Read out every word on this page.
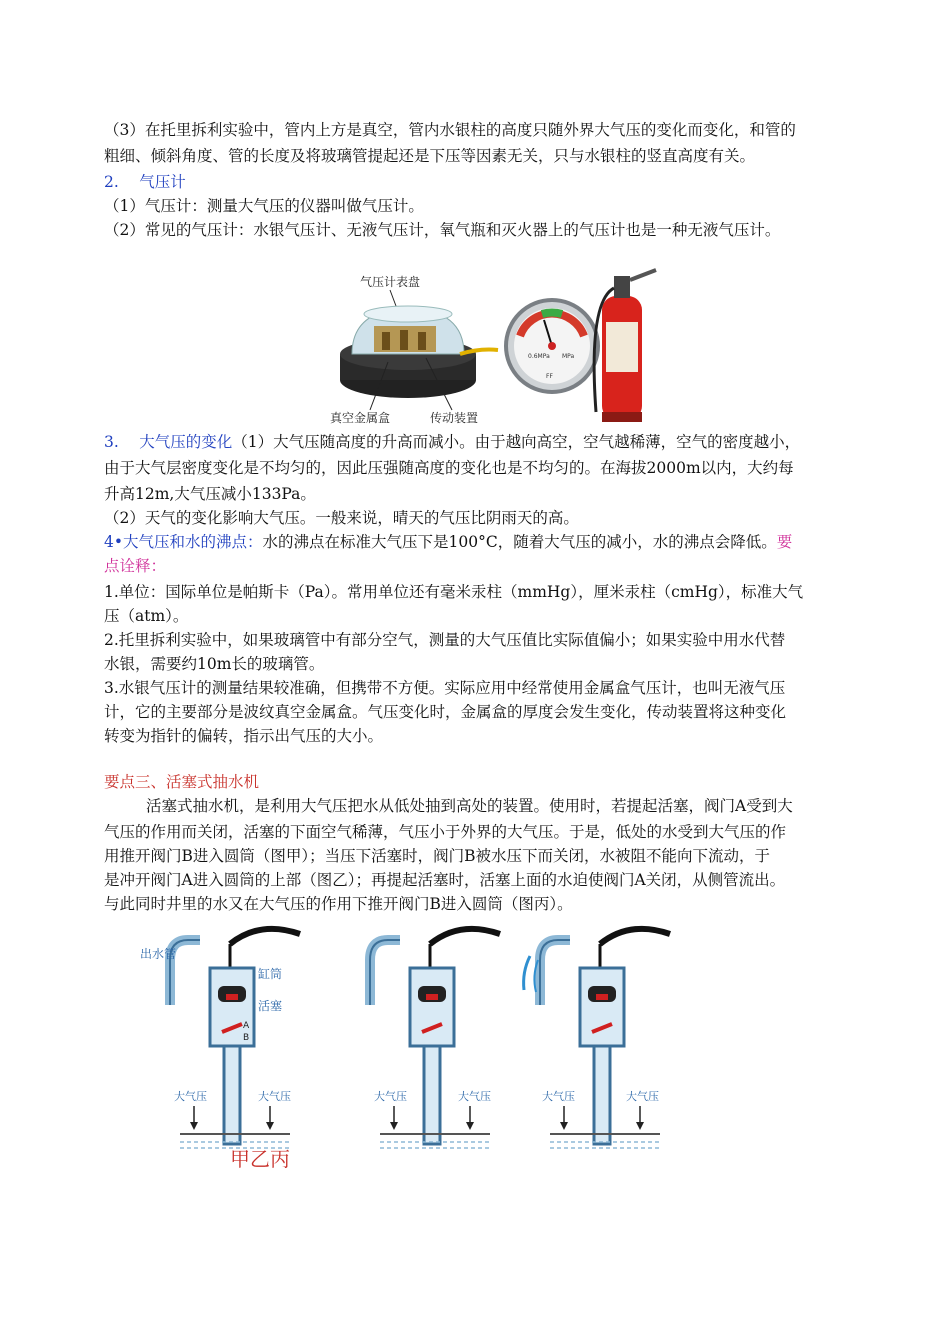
（3）在托里拆利实验中，管内上方是真空，管内水银柱的高度只随外界大气压的变化而变化，和管的
粗细、倾斜角度、管的长度及将玻璃管提起还是下压等因素无关，只与水银柱的竖直高度有关。
2.　 气压计
（1）气压计：测量大气压的仪器叫做气压计。
（2）常见的气压计：水银气压计、无液气压计，氧气瓶和灭火器上的气压计也是一种无液气压计。
气压计表盘
真空金属盒	传动装置
0.6MPa MPa
FF
3.　 大气压的变化（1）大气压随高度的升高而减小。由于越向高空，空气越稀薄，空气的密度越小，
由于大气层密度变化是不均匀的，因此压强随高度的变化也是不均匀的。在海拔2000m以内，大约每
升高12m,大气压减小133Pa。
（2）天气的变化影响大气压。一般来说，晴天的气压比阴雨天的高。
4•大气压和水的沸点：水的沸点在标准大气压下是100°C，随着大气压的减小，水的沸点会降低。要
点诠释：
1.单位：国际单位是帕斯卡（Pa）。常用单位还有毫米汞柱（mmHg），厘米汞柱（cmHg），标准大气
压（atm）。
2.托里拆利实验中，如果玻璃管中有部分空气，测量的大气压值比实际值偏小；如果实验中用水代替
水银，需要约10m长的玻璃管。
3.水银气压计的测量结果较准确，但携带不方便。实际应用中经常使用金属盒气压计，也叫无液气压
计，它的主要部分是波纹真空金属盒。气压变化时，金属盒的厚度会发生变化，传动装置将这种变化
转变为指针的偏转，指示出气压的大小。
要点三、活塞式抽水机
活塞式抽水机，是利用大气压把水从低处抽到高处的装置。使用时，若提起活塞，阀门A受到大
气压的作用而关闭，活塞的下面空气稀薄，气压小于外界的大气压。于是，低处的水受到大气压的作
用推开阀门B进入圆筒（图甲）；当压下活塞时，阀门B被水压下而关闭，水被阻不能向下流动，于
是冲开阀门A进入圆筒的上部（图乙）；再提起活塞时，活塞上面的水迫使阀门A关闭，从侧管流出。
与此同时井里的水又在大气压的作用下推开阀门B进入圆筒（图丙）。
出水管
缸筒
活塞
A
B
大气压	大气压	大气压	大气压	大气压	大气压
甲乙丙
